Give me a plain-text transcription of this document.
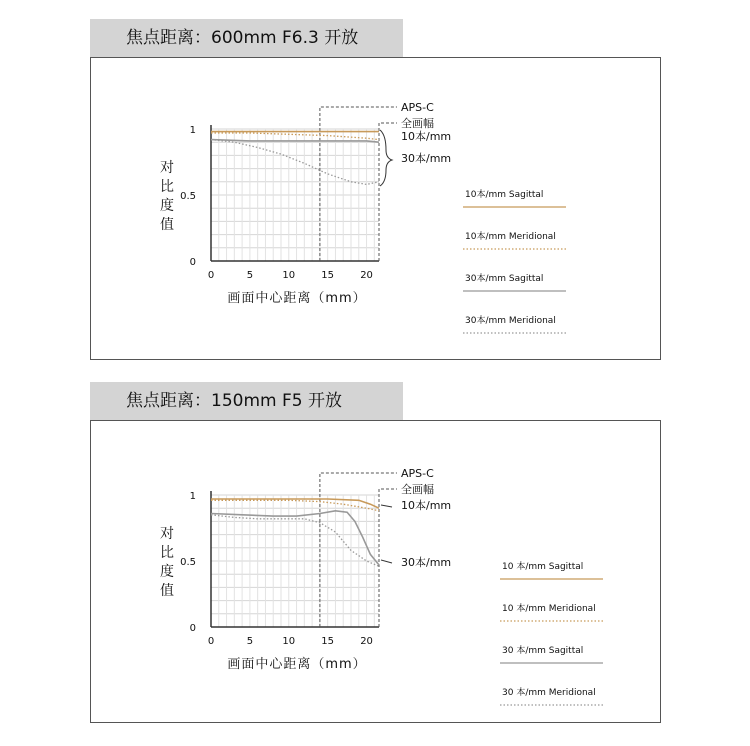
焦点距离：600mm F6.3 开放
0
0.5
1
0	5	10	15	20
对
比
度
值
画面中心距离（mm）
APS-C
全画幅
10本/mm
30本/mm
10本/mm Sagittal
10本/mm Meridional
30本/mm Sagittal
30本/mm Meridional
焦点距离：150mm F5 开放
0
0.5
1
0	5	10	15	20
对
比
度
值
画面中心距离（mm）
APS-C
全画幅
10本/mm
30本/mm	10 本/mm Sagittal
10 本/mm Meridional
30 本/mm Sagittal
30 本/mm Meridional
